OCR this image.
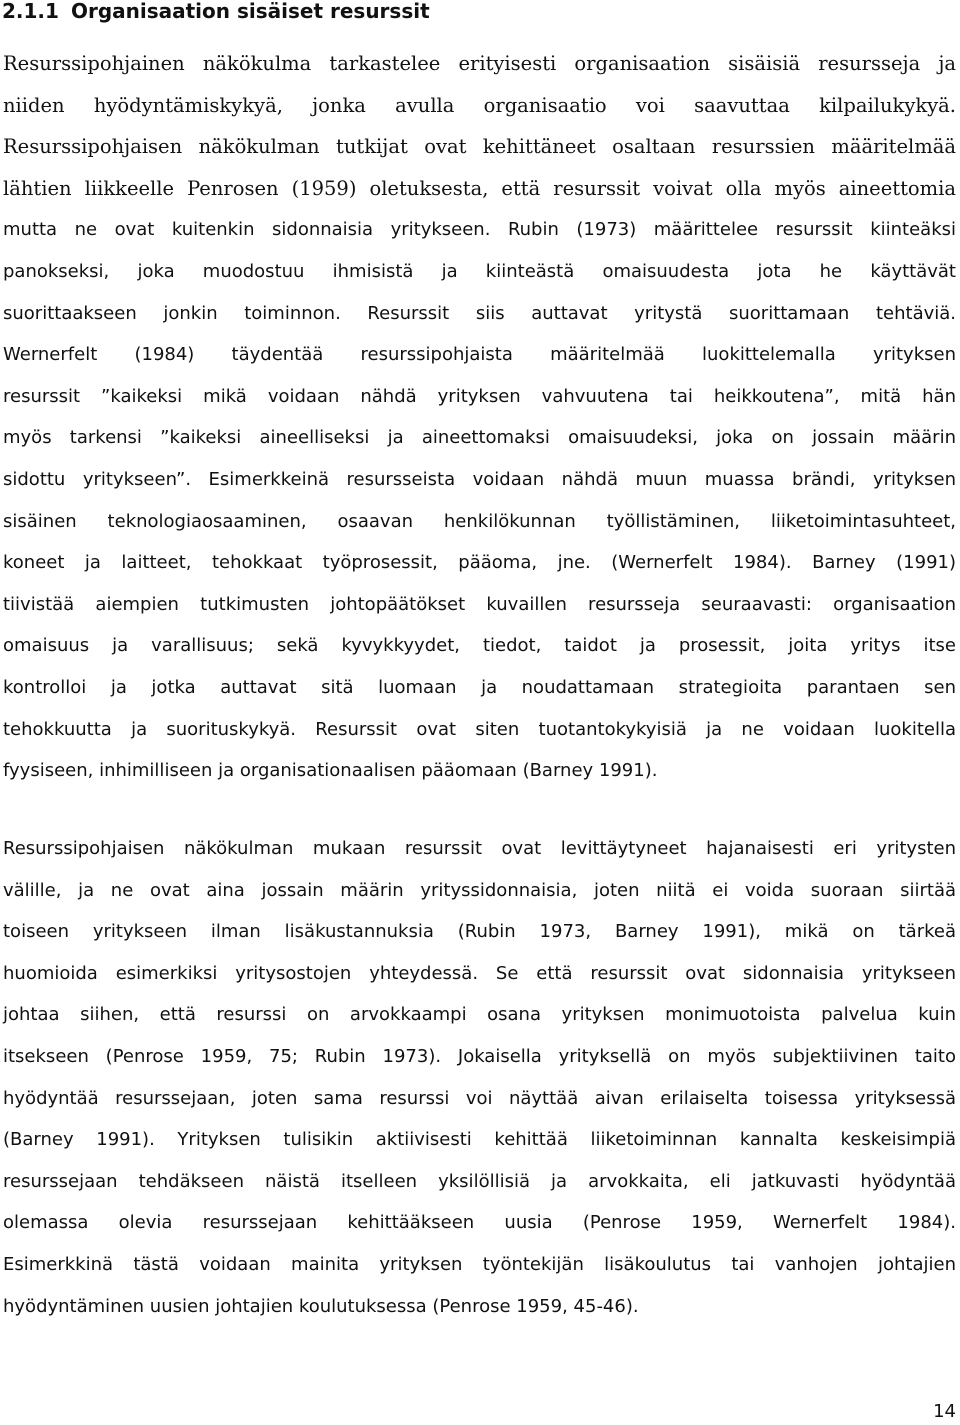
2.1.1 Organisaation sisäiset resurssit
Resurssipohjainen näkökulma tarkastelee erityisesti organisaation sisäisiä resursseja ja
niiden hyödyntämiskykyä, jonka avulla organisaatio voi saavuttaa kilpailukykyä.
Resurssipohjaisen näkökulman tutkijat ovat kehittäneet osaltaan resurssien määritelmää
lähtien liikkeelle Penrosen (1959) oletuksesta, että resurssit voivat olla myös aineettomia
mutta ne ovat kuitenkin sidonnaisia yritykseen. Rubin (1973) määrittelee resurssit kiinteäksi
panokseksi, joka muodostuu ihmisistä ja kiinteästä omaisuudesta jota he käyttävät
suorittaakseen jonkin toiminnon. Resurssit siis auttavat yritystä suorittamaan tehtäviä.
Wernerfelt (1984) täydentää resurssipohjaista määritelmää luokittelemalla yrityksen
resurssit ”kaikeksi mikä voidaan nähdä yrityksen vahvuutena tai heikkoutena”, mitä hän
myös tarkensi ”kaikeksi aineelliseksi ja aineettomaksi omaisuudeksi, joka on jossain määrin
sidottu yritykseen”. Esimerkkeinä resursseista voidaan nähdä muun muassa brändi, yrityksen
sisäinen teknologiaosaaminen, osaavan henkilökunnan työllistäminen, liiketoimintasuhteet,
koneet ja laitteet, tehokkaat työprosessit, pääoma, jne. (Wernerfelt 1984). Barney (1991)
tiivistää aiempien tutkimusten johtopäätökset kuvaillen resursseja seuraavasti: organisaation
omaisuus ja varallisuus; sekä kyvykkyydet, tiedot, taidot ja prosessit, joita yritys itse
kontrolloi ja jotka auttavat sitä luomaan ja noudattamaan strategioita parantaen sen
tehokkuutta ja suorituskykyä. Resurssit ovat siten tuotantokykyisiä ja ne voidaan luokitella
fyysiseen, inhimilliseen ja organisationaalisen pääomaan (Barney 1991).
Resurssipohjaisen näkökulman mukaan resurssit ovat levittäytyneet hajanaisesti eri yritysten
välille, ja ne ovat aina jossain määrin yrityssidonnaisia, joten niitä ei voida suoraan siirtää
toiseen yritykseen ilman lisäkustannuksia (Rubin 1973, Barney 1991), mikä on tärkeä
huomioida esimerkiksi yritysostojen yhteydessä. Se että resurssit ovat sidonnaisia yritykseen
johtaa siihen, että resurssi on arvokkaampi osana yrityksen monimuotoista palvelua kuin
itsekseen (Penrose 1959, 75; Rubin 1973). Jokaisella yrityksellä on myös subjektiivinen taito
hyödyntää resurssejaan, joten sama resurssi voi näyttää aivan erilaiselta toisessa yrityksessä
(Barney 1991). Yrityksen tulisikin aktiivisesti kehittää liiketoiminnan kannalta keskeisimpiä
resurssejaan tehdäkseen näistä itselleen yksilöllisiä ja arvokkaita, eli jatkuvasti hyödyntää
olemassa olevia resurssejaan kehittääkseen uusia (Penrose 1959, Wernerfelt 1984).
Esimerkkinä tästä voidaan mainita yrityksen työntekijän lisäkoulutus tai vanhojen johtajien
hyödyntäminen uusien johtajien koulutuksessa (Penrose 1959, 45-46).

14
